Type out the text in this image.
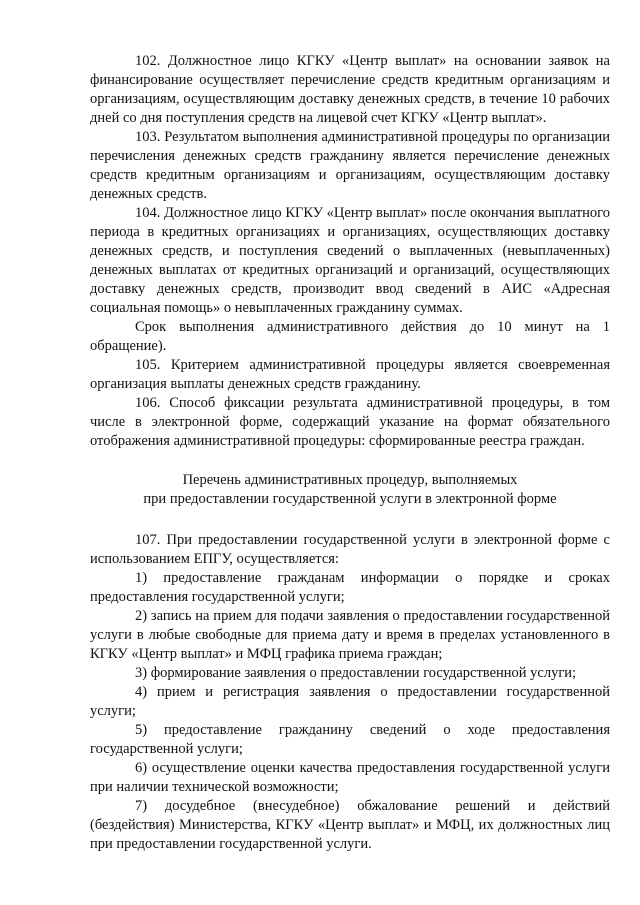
102. Должностное лицо КГКУ «Центр выплат» на основании заявок на финансирование осуществляет перечисление средств кредитным организациям и организациям, осуществляющим доставку денежных средств, в течение 10 рабочих дней со дня поступления средств на лицевой счет КГКУ «Центр выплат».

103. Результатом выполнения административной процедуры по организации перечисления денежных средств гражданину является перечисление денежных средств кредитным организациям и организациям, осуществляющим доставку денежных средств.

104. Должностное лицо КГКУ «Центр выплат» после окончания выплатного периода в кредитных организациях и организациях, осуществляющих доставку денежных средств, и поступления сведений о выплаченных (невыплаченных) денежных выплатах от кредитных организаций и организаций, осуществляющих доставку денежных средств, производит ввод сведений в АИС «Адресная социальная помощь» о невыплаченных гражданину суммах.

Срок выполнения административного действия до 10 минут на 1 обращение).

105. Критерием административной процедуры является своевременная организация выплаты денежных средств гражданину.

106. Способ фиксации результата административной процедуры, в том числе в электронной форме, содержащий указание на формат обязательного отображения административной процедуры: сформированные реестра граждан.

Перечень административных процедур, выполняемых
при предоставлении государственной услуги в электронной форме

107. При предоставлении государственной услуги в электронной форме с использованием ЕПГУ, осуществляется:

1) предоставление гражданам информации о порядке и сроках предоставления государственной услуги;

2) запись на прием для подачи заявления о предоставлении государственной услуги в любые свободные для приема дату и время в пределах установленного в КГКУ «Центр выплат» и МФЦ графика приема граждан;

3) формирование заявления о предоставлении государственной услуги;

4) прием и регистрация заявления о предоставлении государственной услуги;

5) предоставление гражданину сведений о ходе предоставления государственной услуги;

6) осуществление оценки качества предоставления государственной услуги при наличии технической возможности;

7) досудебное (внесудебное) обжалование решений и действий (бездействия) Министерства, КГКУ «Центр выплат» и МФЦ, их должностных лиц при предоставлении государственной услуги.
